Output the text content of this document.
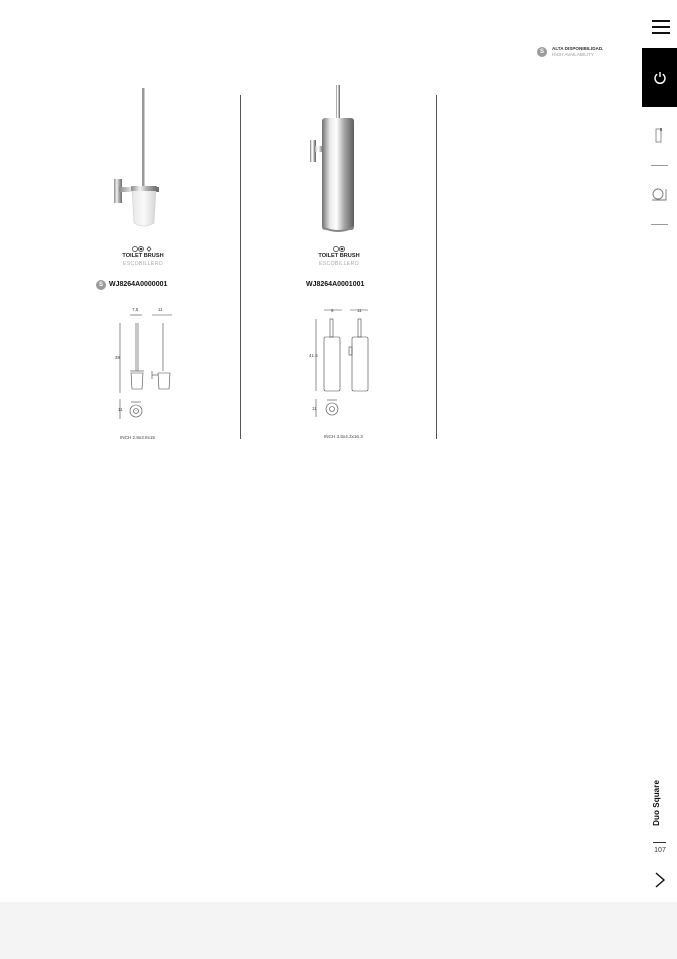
S
ALTA DISPONIBILIDAD.
HIGH AVAILABILITY
TOILET BRUSH
ESCOBILLERO
S WJ8264A0000001
7,5	11
38
11
INCH 2.8x3.8x15
TOILET BRUSH
ESCOBILLERO
WJ8264A0001001
9	11
41.5
11
INCH 3.5x4.3x16.3
Duo Square
107
